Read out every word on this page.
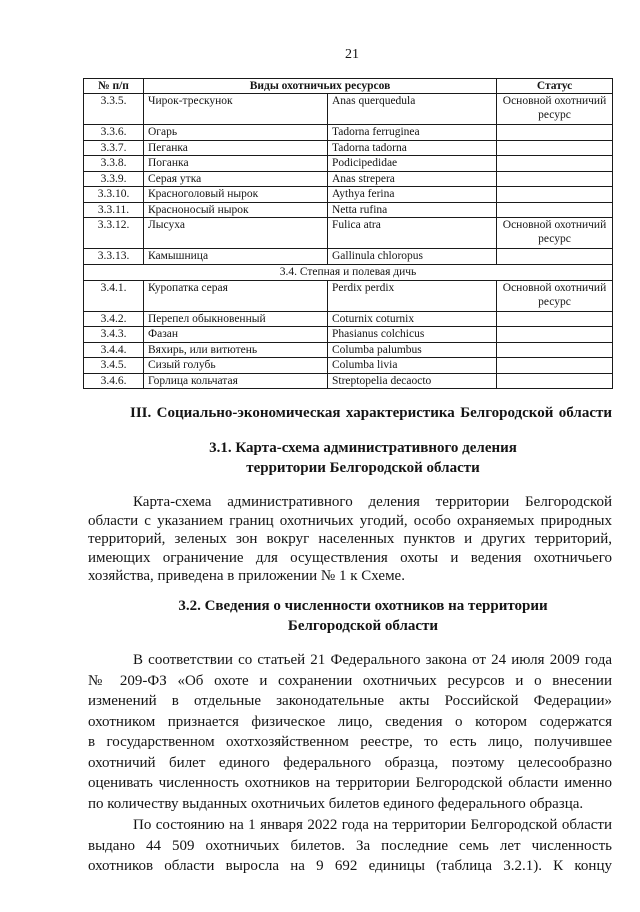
21
№ п/п	Виды охотничьих ресурсов		Статус
3.3.5.	Чирок-трескунок	Anas querquedula	Основной охотничий ресурс
3.3.6.	Огарь	Tadorna ferruginea	
3.3.7.	Пеганка	Tadorna tadorna	
3.3.8.	Поганка	Podicipedidae	
3.3.9.	Серая утка	Anas strepera	
3.3.10.	Красноголовый нырок	Aythya ferina	
3.3.11.	Красноносый нырок	Netta rufina	
3.3.12.	Лысуха	Fulica atra	Основной охотничий ресурс
3.3.13.	Камышница	Gallinula chloropus	
3.4. Степная и полевая дичь			
3.4.1.	Куропатка серая	Perdix perdix	Основной охотничий ресурс
3.4.2.	Перепел обыкновенный	Coturnix coturnix	
3.4.3.	Фазан	Phasianus colchicus	
3.4.4.	Вяхирь, или витютень	Columba palumbus	
3.4.5.	Сизый голубь	Columba livia	
3.4.6.	Горлица кольчатая	Streptopelia decaocto	
III. Социально-экономическая характеристика Белгородской области
3.1. Карта-схема административного деления
территории Белгородской области
Карта-схема административного деления территории Белгородской
области с указанием границ охотничьих угодий, особо охраняемых природных
территорий, зеленых зон вокруг населенных пунктов и других территорий,
имеющих ограничение для осуществления охоты и ведения охотничьего
хозяйства, приведена в приложении № 1 к Схеме.
3.2. Сведения о численности охотников на территории
Белгородской области
В соответствии со статьей 21 Федерального закона от 24 июля 2009 года
№ 209-ФЗ «Об охоте и сохранении охотничьих ресурсов и о внесении
изменений в отдельные законодательные акты Российской Федерации»
охотником признается физическое лицо, сведения о котором содержатся
в государственном охотхозяйственном реестре, то есть лицо, получившее
охотничий билет единого федерального образца, поэтому целесообразно
оценивать численность охотников на территории Белгородской области именно
по количеству выданных охотничьих билетов единого федерального образца.
По состоянию на 1 января 2022 года на территории Белгородской области
выдано 44 509 охотничьих билетов. За последние семь лет численность
охотников области выросла на 9 692 единицы (таблица 3.2.1). К концу
